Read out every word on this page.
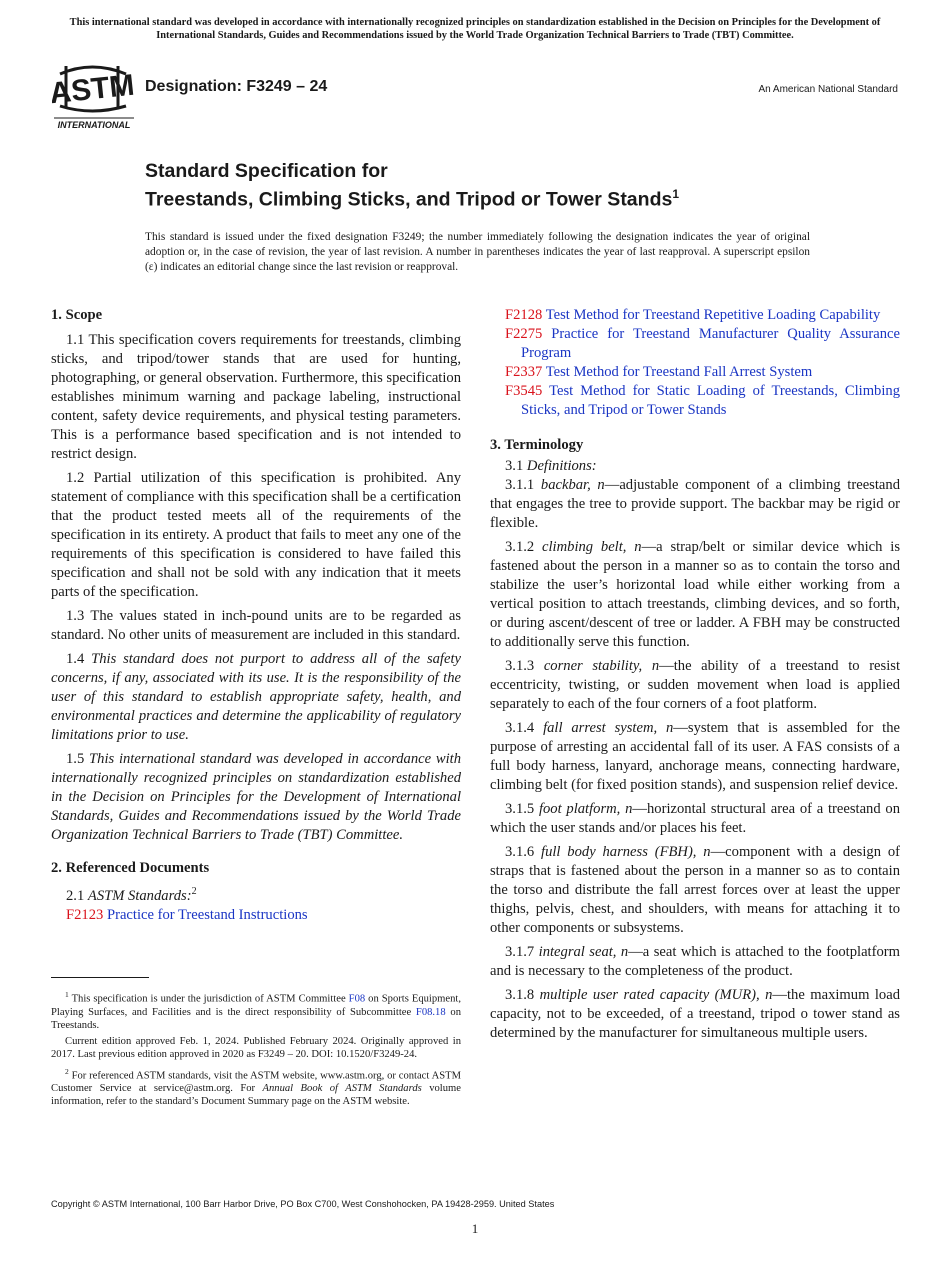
This international standard was developed in accordance with internationally recognized principles on standardization established in the Decision on Principles for the Development of International Standards, Guides and Recommendations issued by the World Trade Organization Technical Barriers to Trade (TBT) Committee.
ASTM
INTERNATIONAL
Designation: F3249 – 24	An American National Standard
Standard Specification for
Treestands, Climbing Sticks, and Tripod or Tower Stands$^1$
This standard is issued under the fixed designation F3249; the number immediately following the designation indicates the year of original adoption or, in the case of revision, the year of last revision. A number in parentheses indicates the year of last reapproval. A superscript epsilon (ε) indicates an editorial change since the last revision or reapproval.
1. Scope
1.1 This specification covers requirements for treestands, climbing sticks, and tripod/tower stands that are used for hunting, photographing, or general observation. Furthermore, this specification establishes minimum warning and package labeling, instructional content, safety device requirements, and physical testing parameters. This is a performance based specification and is not intended to restrict design.
1.2 Partial utilization of this specification is prohibited. Any statement of compliance with this specification shall be a certification that the product tested meets all of the requirements of the specification in its entirety. A product that fails to meet any one of the requirements of this specification is considered to have failed this specification and shall not be sold with any indication that it meets parts of the specification.
1.3 The values stated in inch-pound units are to be regarded as standard. No other units of measurement are included in this standard.
1.4 This standard does not purport to address all of the safety concerns, if any, associated with its use. It is the responsibility of the user of this standard to establish appropriate safety, health, and environmental practices and determine the applicability of regulatory limitations prior to use.
1.5 This international standard was developed in accordance with internationally recognized principles on standardization established in the Decision on Principles for the Development of International Standards, Guides and Recommendations issued by the World Trade Organization Technical Barriers to Trade (TBT) Committee.
2. Referenced Documents
2.1 ASTM Standards:$^2$
F2123 Practice for Treestand Instructions
F2128 Test Method for Treestand Repetitive Loading Capability
F2275 Practice for Treestand Manufacturer Quality Assurance Program
F2337 Test Method for Treestand Fall Arrest System
F3545 Test Method for Static Loading of Treestands, Climbing Sticks, and Tripod or Tower Stands
3. Terminology
3.1 Definitions:
3.1.1 backbar, n—adjustable component of a climbing treestand that engages the tree to provide support. The backbar may be rigid or flexible.
3.1.2 climbing belt, n—a strap/belt or similar device which is fastened about the person in a manner so as to contain the torso and stabilize the user’s horizontal load while either working from a vertical position to attach treestands, climbing devices, and so forth, or during ascent/descent of tree or ladder. A FBH may be constructed to additionally serve this function.
3.1.3 corner stability, n—the ability of a treestand to resist eccentricity, twisting, or sudden movement when load is applied separately to each of the four corners of a foot platform.
3.1.4 fall arrest system, n—system that is assembled for the purpose of arresting an accidental fall of its user. A FAS consists of a full body harness, lanyard, anchorage means, connecting hardware, climbing belt (for fixed position stands), and suspension relief device.
3.1.5 foot platform, n—horizontal structural area of a treestand on which the user stands and/or places his feet.
3.1.6 full body harness (FBH), n—component with a design of straps that is fastened about the person in a manner so as to contain the torso and distribute the fall arrest forces over at least the upper thighs, pelvis, chest, and shoulders, with means for attaching it to other components or subsystems.
3.1.7 integral seat, n—a seat which is attached to the footplatform and is necessary to the completeness of the product.
3.1.8 multiple user rated capacity (MUR), n—the maximum load capacity, not to be exceeded, of a treestand, tripod o tower stand as determined by the manufacturer for simultaneous multiple users.

$^1$ This specification is under the jurisdiction of ASTM Committee F08 on Sports Equipment, Playing Surfaces, and Facilities and is the direct responsibility of Subcommittee F08.18 on Treestands.

Current edition approved Feb. 1, 2024. Published February 2024. Originally approved in 2017. Last previous edition approved in 2020 as F3249 – 20. DOI: 10.1520/F3249-24.

$^2$ For referenced ASTM standards, visit the ASTM website, www.astm.org, or contact ASTM Customer Service at service@astm.org. For Annual Book of ASTM Standards volume information, refer to the standard’s Document Summary page on the ASTM website.

Copyright © ASTM International, 100 Barr Harbor Drive, PO Box C700, West Conshohocken, PA 19428-2959. United States
1
